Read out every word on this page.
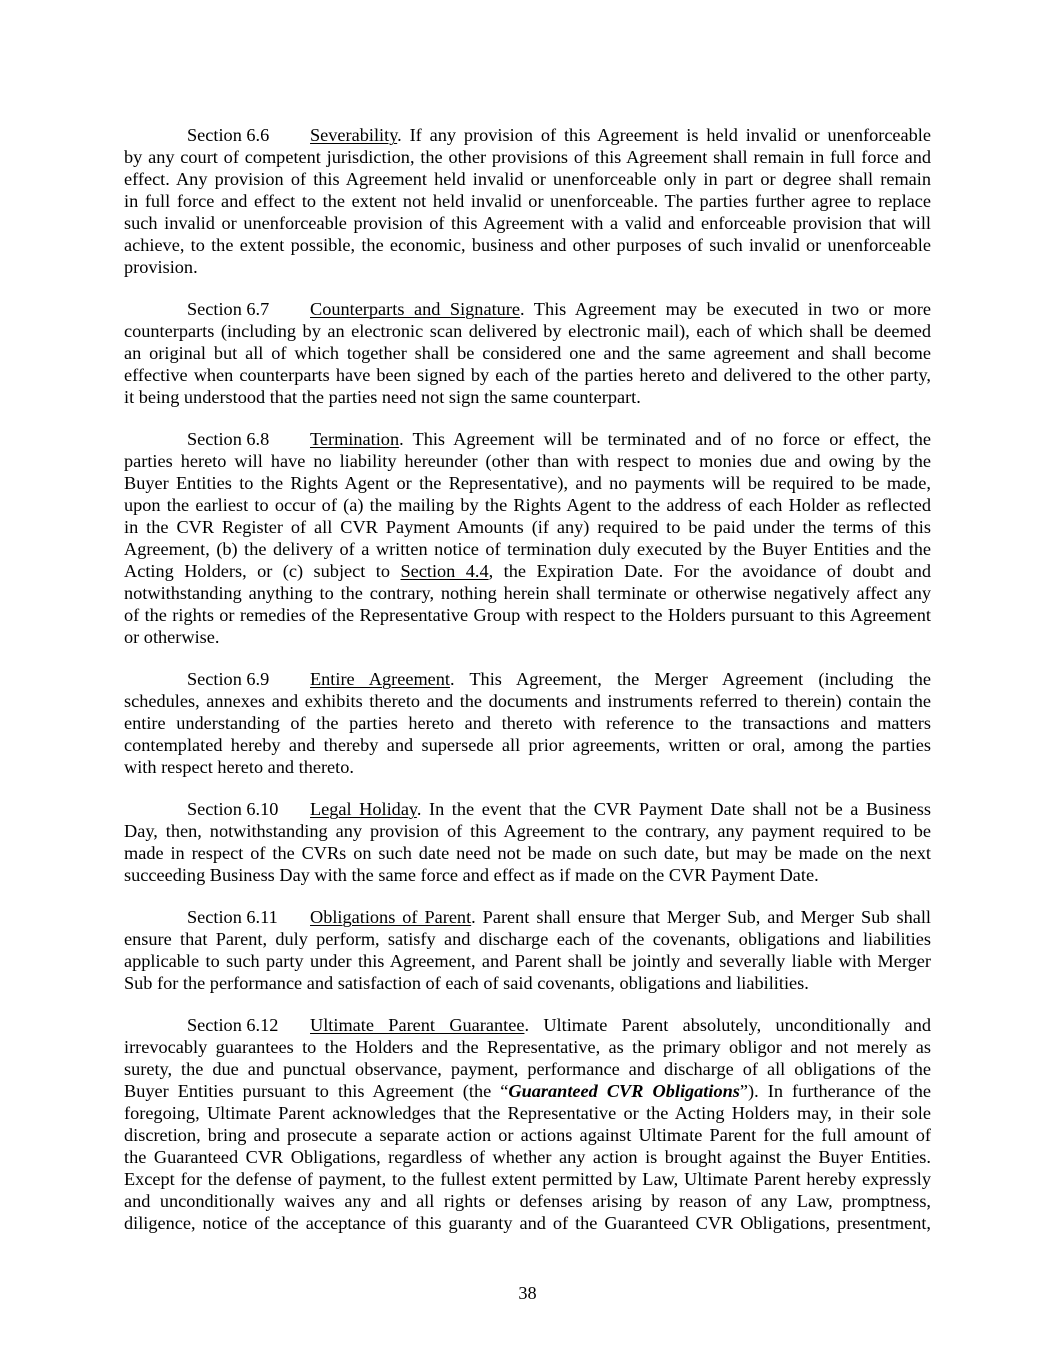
Section 6.6 Severability. If any provision of this Agreement is held invalid or unenforceable
by any court of competent jurisdiction, the other provisions of this Agreement shall remain in full force and
effect. Any provision of this Agreement held invalid or unenforceable only in part or degree shall remain
in full force and effect to the extent not held invalid or unenforceable. The parties further agree to replace
such invalid or unenforceable provision of this Agreement with a valid and enforceable provision that will
achieve, to the extent possible, the economic, business and other purposes of such invalid or unenforceable
provision.
Section 6.7 Counterparts and Signature. This Agreement may be executed in two or more
counterparts (including by an electronic scan delivered by electronic mail), each of which shall be deemed
an original but all of which together shall be considered one and the same agreement and shall become
effective when counterparts have been signed by each of the parties hereto and delivered to the other party,
it being understood that the parties need not sign the same counterpart.
Section 6.8 Termination. This Agreement will be terminated and of no force or effect, the
parties hereto will have no liability hereunder (other than with respect to monies due and owing by the
Buyer Entities to the Rights Agent or the Representative), and no payments will be required to be made,
upon the earliest to occur of (a) the mailing by the Rights Agent to the address of each Holder as reflected
in the CVR Register of all CVR Payment Amounts (if any) required to be paid under the terms of this
Agreement, (b) the delivery of a written notice of termination duly executed by the Buyer Entities and the
Acting Holders, or (c) subject to Section 4.4, the Expiration Date. For the avoidance of doubt and
notwithstanding anything to the contrary, nothing herein shall terminate or otherwise negatively affect any
of the rights or remedies of the Representative Group with respect to the Holders pursuant to this Agreement
or otherwise.
Section 6.9 Entire Agreement. This Agreement, the Merger Agreement (including the
schedules, annexes and exhibits thereto and the documents and instruments referred to therein) contain the
entire understanding of the parties hereto and thereto with reference to the transactions and matters
contemplated hereby and thereby and supersede all prior agreements, written or oral, among the parties
with respect hereto and thereto.
Section 6.10 Legal Holiday. In the event that the CVR Payment Date shall not be a Business
Day, then, notwithstanding any provision of this Agreement to the contrary, any payment required to be
made in respect of the CVRs on such date need not be made on such date, but may be made on the next
succeeding Business Day with the same force and effect as if made on the CVR Payment Date.
Section 6.11 Obligations of Parent. Parent shall ensure that Merger Sub, and Merger Sub shall
ensure that Parent, duly perform, satisfy and discharge each of the covenants, obligations and liabilities
applicable to such party under this Agreement, and Parent shall be jointly and severally liable with Merger
Sub for the performance and satisfaction of each of said covenants, obligations and liabilities.
Section 6.12 Ultimate Parent Guarantee. Ultimate Parent absolutely, unconditionally and
irrevocably guarantees to the Holders and the Representative, as the primary obligor and not merely as
surety, the due and punctual observance, payment, performance and discharge of all obligations of the
Buyer Entities pursuant to this Agreement (the “Guaranteed CVR Obligations”). In furtherance of the
foregoing, Ultimate Parent acknowledges that the Representative or the Acting Holders may, in their sole
discretion, bring and prosecute a separate action or actions against Ultimate Parent for the full amount of
the Guaranteed CVR Obligations, regardless of whether any action is brought against the Buyer Entities.
Except for the defense of payment, to the fullest extent permitted by Law, Ultimate Parent hereby expressly
and unconditionally waives any and all rights or defenses arising by reason of any Law, promptness,
diligence, notice of the acceptance of this guaranty and of the Guaranteed CVR Obligations, presentment,
38
